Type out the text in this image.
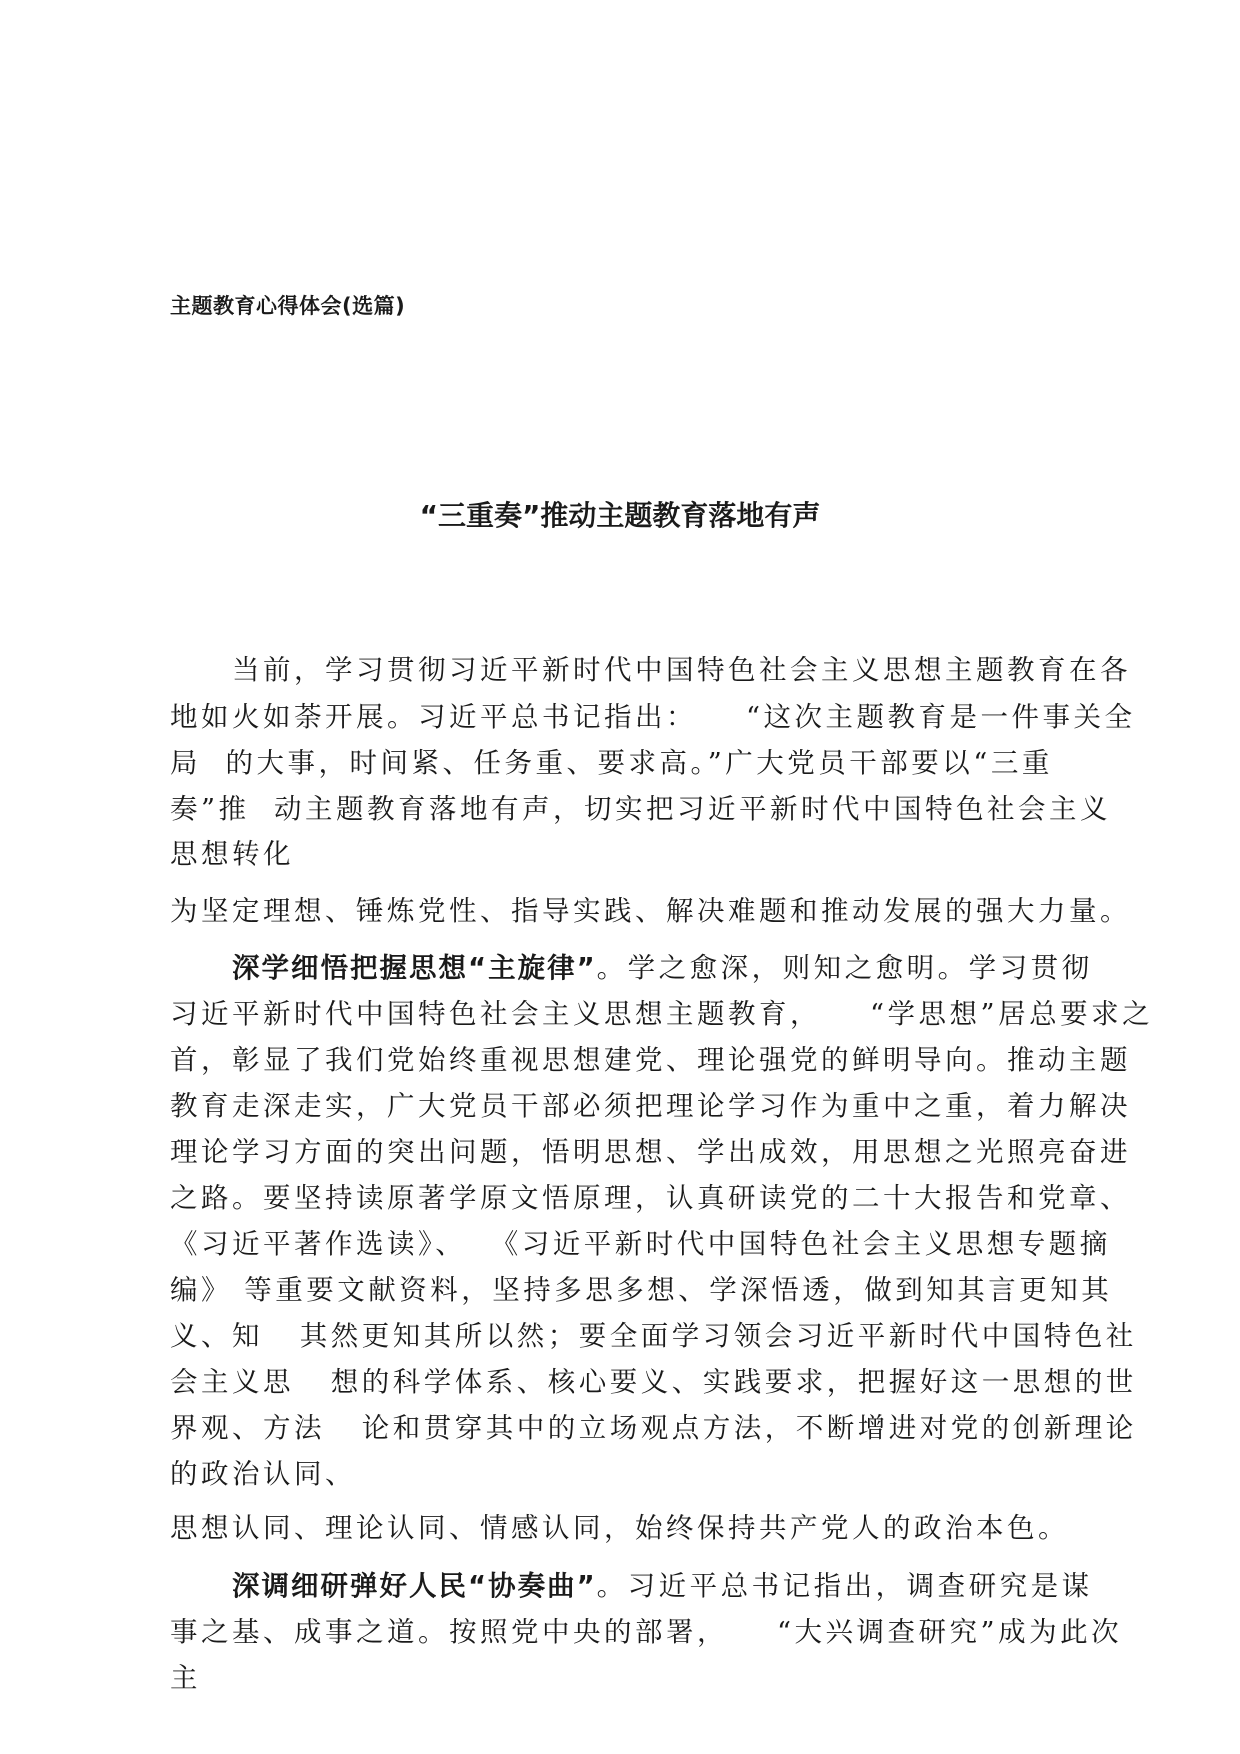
主题教育心得体会(选篇)
“三重奏”推动主题教育落地有声
当前，学习贯彻习近平新时代中国特色社会主义思想主题教育在各
地如火如荼开展。习近平总书记指出：    “这次主题教育是一件事关全
局  的大事，时间紧、任务重、要求高。”广大党员干部要以“三重
奏”推  动主题教育落地有声，切实把习近平新时代中国特色社会主义
思想转化
为坚定理想、锤炼党性、指导实践、解决难题和推动发展的强大力量。
深学细悟把握思想“主旋律”。学之愈深，则知之愈明。学习贯彻
习近平新时代中国特色社会主义思想主题教育，    “学思想”居总要求之
首，彰显了我们党始终重视思想建党、理论强党的鲜明导向。推动主题
教育走深走实，广大党员干部必须把理论学习作为重中之重，着力解决
理论学习方面的突出问题，悟明思想、学出成效，用思想之光照亮奋进
之路。要坚持读原著学原文悟原理，认真研读党的二十大报告和党章、
《习近平著作选读》、  《习近平新时代中国特色社会主义思想专题摘
编》 等重要文献资料，坚持多思多想、学深悟透，做到知其言更知其
义、知   其然更知其所以然；要全面学习领会习近平新时代中国特色社
会主义思   想的科学体系、核心要义、实践要求，把握好这一思想的世
界观、方法   论和贯穿其中的立场观点方法，不断增进对党的创新理论
的政治认同、
思想认同、理论认同、情感认同，始终保持共产党人的政治本色。
深调细研弹好人民“协奏曲”。习近平总书记指出，调查研究是谋
事之基、成事之道。按照党中央的部署，    “大兴调查研究”成为此次
主
